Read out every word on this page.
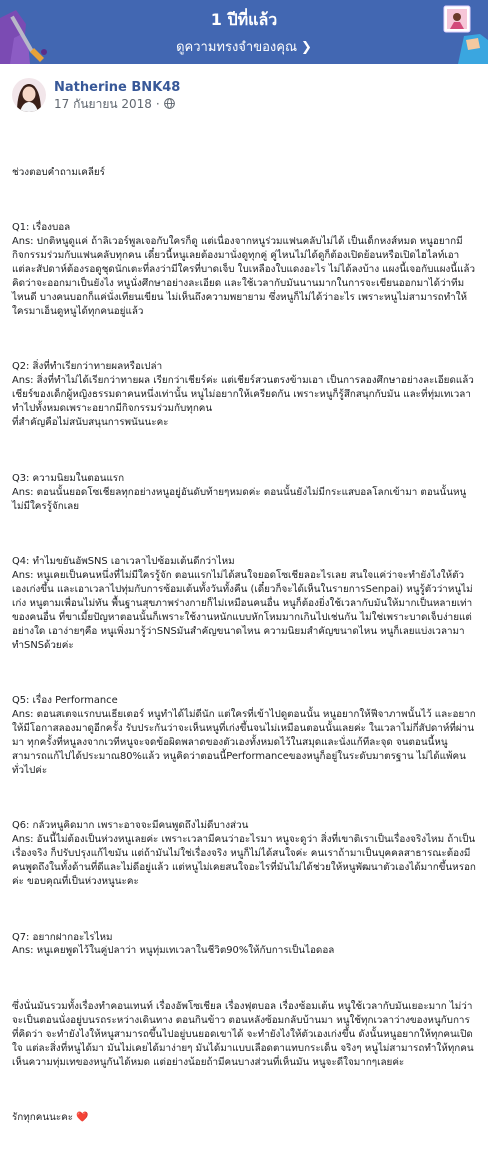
1 ปีที่แล้ว
ดูความทรงจำของคุณ ❯
Natherine BNK48
17 กันยายน 2018 ·

ช่วงตอบคำถามเคลียร์

Q1: เรื่องบอล
Ans: ปกติหนูดูแค่ ถ้าลิเวอร์พูลเจอกับใครก็ดู แต่เนื่องจากหนูร่วมแฟนคลับไม่ได้ เป็นเด็กหงส์หมด หนูอยากมีกิจกรรมร่วมกับแฟนคลับทุกคน เดี๋ยวนี้หนูเลยต้องมานั่งดูทุกคู่ คู่ไหนไม่ได้ดูก็ต้องเปิดย้อนหรือเปิดไฮไลท์เอา แต่ละสัปดาห์ต้องรอดูชุดนักเตะที่ลงว่ามีใครที่บาดเจ็บ ใบเหลืองใบแดงอะไร ไม่ได้ลงบ้าง แผงนี้เจอกับแผงนี้แล้วคิดว่าจะออกมาเป็นยังไง หนูนั่งศึกษาอย่างละเอียด และใช้เวลากับมันนานมากในการจะเขียนออกมาได้ว่าทีมไหนดี บางคนบอกก็แค่นั่งเทียนเขียน ไม่เห็นถึงความพยายาม ซึ่งหนูก็ไม่ได้ว่าอะไร เพราะหนูไม่สามารถทำให้ใครมาเอ็นดูหนูได้ทุกคนอยู่แล้ว

Q2: สิ่งที่ทำเรียกว่าทายผลหรือเปล่า
Ans: สิ่งที่ทำไม่ได้เรียกว่าทายผล เรียกว่าเชียร์ค่ะ แต่เชียร์สวนตรงข้ามเอา เป็นการลองศึกษาอย่างละเอียดแล้วเชียร์ของเด็กผู้หญิงธรรมดาคนหนึ่งเท่านั้น หนูไม่อยากให้เครียดกัน เพราะหนูก็รู้สึกสนุกกับมัน และที่ทุ่มเทเวลาทำไปทั้งหมดเพราะอยากมีกิจกรรมร่วมกับทุกคน
ที่สำคัญคือไม่สนับสนุนการพนันนะคะ

Q3: ความนิยมในตอนแรก
Ans: ตอนนั้นยอดโซเชียลทุกอย่างหนูอยู่อันดับท้ายๆหมดค่ะ ตอนนั้นยังไม่มีกระแสบอลโลกเข้ามา ตอนนั้นหนูไม่มีใครรู้จักเลย

Q4: ทำไมขยันอัพSNS เอาเวลาไปซ้อมเต้นดีกว่าไหม
Ans: หนูเคยเป็นคนหนึ่งที่ไม่มีใครรู้จัก ตอนแรกไม่ได้สนใจยอดโซเชียลอะไรเลย สนใจแค่ว่าจะทำยังไงให้ตัวเองเก่งขึ้น และเอาเวลาไปทุ่มกับการซ้อมเต้นทั้งวันทั้งคืน (เดี๋ยวก็จะได้เห็นในรายการSenpai) หนูรู้ตัวว่าหนูไม่เก่ง หนูตามเพื่อนไม่ทัน พื้นฐานสุขภาพร่างกายก็ไม่เหมือนคนอื่น หนูก็ต้องยิ่งใช้เวลากับมันให้มากเป็นหลายเท่าของคนอื่น ที่ขาเมี้ยปัญหาตอนนั้นก็เพราะใช้งานหนักแบบหักโหมมากเกินไปเช่นกัน ไม่ใช่เพราะบาดเจ็บง่ายแต่อย่างใด เอาง่ายๆคือ หนูเพิ่งมารู้ว่าSNSมันสำคัญขนาดไหน ความนิยมสำคัญขนาดไหน หนูก็เลยแบ่งเวลามาทำSNSด้วยค่ะ

Q5: เรื่อง Performance
Ans: ตอนสเตจแรกบนเธียเตอร์ หนูทำได้ไม่ดีนัก แต่ใครที่เข้าไปดูตอนนั้น หนูอยากให้ฟีจาภาพนั้นไว้ และอยากให้มีโอกาสลองมาดูอีกครั้ง รับประกันว่าจะเห็นหนูที่เก่งขึ้นจนไม่เหมือนตอนนั้นเลยค่ะ ในเวลาไม่กี่สัปดาห์ที่ผ่านมา ทุกครั้งที่หนูลงจากเวทีหนูจะจดข้อผิดพลาดของตัวเองทั้งหมดไว้ในสมุดและนั่งแก้ทีละจุด จนตอนนี้หนูสามารถแก้ไปได้ประมาณ80%แล้ว หนูคิดว่าตอนนี้Performanceของหนูก็อยู่ในระดับมาตรฐาน ไม่ได้แพ้คนทั่วไปค่ะ

Q6: กลัวหนูคิดมาก เพราะอาจจะมีคนพูดถึงไม่ดีบางส่วน
Ans: อันนี้ไม่ต้องเป็นห่วงหนูเลยค่ะ เพราะเวลามีคนว่าอะไรมา หนูจะดูว่า สิ่งที่เขาติเราเป็นเรื่องจริงไหม ถ้าเป็นเรื่องจริง ก็ปรับปรุงแก้ไขมัน แต่ถ้ามันไม่ใช่เรื่องจริง หนูก็ไม่ได้สนใจค่ะ คนเราถ้ามาเป็นบุคคลสาธารณะต้องมีคนพูดถึงในทั้งด้านที่ดีและไม่ดีอยู่แล้ว แต่หนูไม่เคยสนใจอะไรที่มันไม่ได้ช่วยให้หนูพัฒนาตัวเองได้มากขึ้นหรอกค่ะ ขอบคุณที่เป็นห่วงหนูนะคะ

Q7: อยากฝากอะไรไหม
Ans: หนูเคยพูดไว้ในคู่ปลาว่า หนูทุ่มเทเวลาในชีวิต90%ให้กับการเป็นไอดอล

ซึ่งนั่นมันรวมทั้งเรื่องทำคอนเทนท์ เรื่องอัพโซเชียล เรื่องฟุตบอล เรื่องซ้อมเต้น หนูใช้เวลากับมันเยอะมาก ไม่ว่าจะเป็นตอนนั่งอยู่บนรถระหว่างเดินทาง ตอนกินข้าว ตอนหลังซ้อมกลับบ้านมา หนูใช้ทุกเวลาว่างของหนูกับการที่คิดว่า จะทำยังไงให้หนูสามารถขึ้นไปอยู่บนยอดเขาได้ จะทำยังไงให้ตัวเองเก่งขึ้น ดังนั้นหนูอยากให้ทุกคนเปิดใจ แต่ละสิ่งที่หนูได้มา มันไม่เคยได้มาง่ายๆ มันได้มาแบบเลือดตาแทบกระเด็น จริงๆ หนูไม่สามารถทำให้ทุกคนเห็นความทุ่มเทของหนูกันได้หมด แต่อย่างน้อยถ้ามีคนบางส่วนที่เห็นมัน หนูจะดีใจมากๆเลยค่ะ

รักทุกคนนะคะ ❤️
